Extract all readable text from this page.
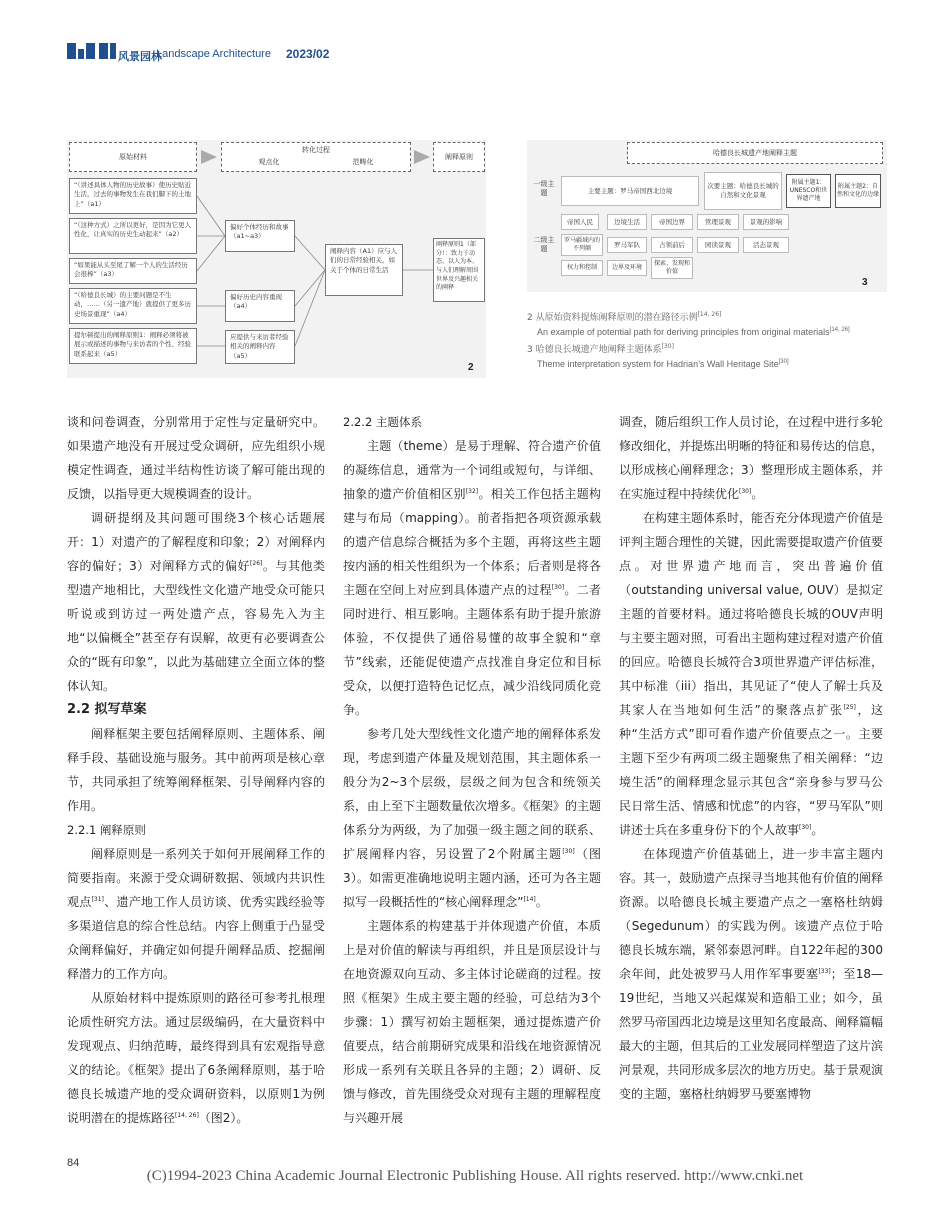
风景园林
Landscape Architecture 2023/02
原始材料
转化过程
观点化	范畴化
阐释原则
“（讲述具体人物的历史故事）使历史贴近生活，过去的事物发生在我们脚下的土地上”（a1）
“（这种方式）之所以更好，是因为它更人性化，让真实的历史生动起来”（a2）
“如果能从头至尾了解一个人的生活经历会很棒”（a3）
“（哈德良长城）的主要问题是不生动，……（另一遗产地）就提供了更多历史场景重现”（a4）
提尔顿提出的阐释原则1：阐释必须将被展示或描述的事物与来访者的个性、经验联系起来（a5）
偏好个体经历和故事（a1~a3）
偏好历史内容重现（a4）
应提供与来访者经验相关的阐释内容（a5）
阐释内容（A1）应与人们的日常经验相关，如关于个体的日常生活
阐释原则1（部分）：致力于动态、以人为本、与人们理解周围世界及兴趣相关的阐释
2
哈德良长城遗产地阐释主题
一级主题
二级主题
主要主题：罗马帝国西北边境
次要主题：哈德良长城的自然和文化景观
附属主题1：UNESCO和世界遗产地
附属主题2：自然和文化的边缘
帝国人民	边境生活	帝国边界	管理景观	景观的影响
罗马疆域内的不列颠	罗马军队	占领前后	园读景观	活态景观
权力和控制	边界及环境
探索、发现和价值
3
2 从原始资料提炼阐释原则的潜在路径示例[14, 26]
An example of potential path for deriving principles from original materials[14, 26]
3 哈德良长城遗产地阐释主题体系[30]
Theme interpretation system for Hadrian’s Wall Heritage Site[30]

谈和问卷调查，分别常用于定性与定量研究中。如果遗产地没有开展过受众调研，应先组织小规模定性调查，通过半结构性访谈了解可能出现的反馈，以指导更大规模调查的设计。

调研提纲及其问题可围绕3个核心话题展开：1）对遗产的了解程度和印象；2）对阐释内容的偏好；3）对阐释方式的偏好[26]。与其他类型遗产地相比，大型线性文化遗产地受众可能只听说或到访过一两处遗产点，容易先入为主地“以偏概全”甚至存有误解，故更有必要调查公众的“既有印象”，以此为基础建立全面立体的整体认知。

2.2 拟写草案

阐释框架主要包括阐释原则、主题体系、阐释手段、基础设施与服务。其中前两项是核心章节，共同承担了统筹阐释框架、引导阐释内容的作用。

2.2.1 阐释原则

阐释原则是一系列关于如何开展阐释工作的简要指南。来源于受众调研数据、领域内共识性观点[31]、遗产地工作人员访谈、优秀实践经验等多渠道信息的综合性总结。内容上侧重于凸显受众阐释偏好，并确定如何提升阐释品质、挖掘阐释潜力的工作方向。

从原始材料中提炼原则的路径可参考扎根理论质性研究方法。通过层级编码，在大量资料中发现观点、归纳范畴，最终得到具有宏观指导意义的结论。《框架》提出了6条阐释原则，基于哈德良长城遗产地的受众调研资料，以原则1为例说明潜在的提炼路径[14, 26]（图2）。

2.2.2 主题体系

主题（theme）是易于理解、符合遗产价值的凝练信息，通常为一个词组或短句，与详细、抽象的遗产价值相区别[32]。相关工作包括主题构建与布局（mapping）。前者指把各项资源承载的遗产信息综合概括为多个主题，再将这些主题按内涵的相关性组织为一个体系；后者则是将各主题在空间上对应到具体遗产点的过程[30]。二者同时进行、相互影响。主题体系有助于提升旅游体验，不仅提供了通俗易懂的故事全貌和“章节”线索，还能促使遗产点找准自身定位和目标受众，以便打造特色记忆点，减少沿线同质化竞争。

参考几处大型线性文化遗产地的阐释体系发现，考虑到遗产体量及规划范围，其主题体系一般分为2~3个层级，层级之间为包含和统领关系，由上至下主题数量依次增多。《框架》的主题体系分为两级，为了加强一级主题之间的联系、扩展阐释内容，另设置了2个附属主题[30]（图3）。如需更准确地说明主题内涵，还可为各主题拟写一段概括性的“核心阐释理念”[14]。

主题体系的构建基于并体现遗产价值，本质上是对价值的解读与再组织，并且是顶层设计与在地资源双向互动、多主体讨论磋商的过程。按照《框架》生成主要主题的经验，可总结为3个步骤：1）撰写初始主题框架，通过提炼遗产价值要点，结合前期研究成果和沿线在地资源情况形成一系列有关联且各异的主题；2）调研、反馈与修改，首先围绕受众对现有主题的理解程度与兴趣开展

调查，随后组织工作人员讨论，在过程中进行多轮修改细化，并提炼出明晰的特征和易传达的信息，以形成核心阐释理念；3）整理形成主题体系，并在实施过程中持续优化[30]。

在构建主题体系时，能否充分体现遗产价值是评判主题合理性的关键，因此需要提取遗产价值要点。对世界遗产地而言，突出普遍价值（outstanding universal value, OUV）是拟定主题的首要材料。通过将哈德良长城的OUV声明与主要主题对照，可看出主题构建过程对遗产价值的回应。哈德良长城符合3项世界遗产评估标准，其中标准（iii）指出，其见证了“使人了解士兵及其家人在当地如何生活”的聚落点扩张[25]，这种“生活方式”即可看作遗产价值要点之一。主要主题下至少有两项二级主题聚焦了相关阐释：“边境生活”的阐释理念显示其包含“亲身参与罗马公民日常生活、情感和忧虑”的内容，“罗马军队”则讲述士兵在多重身份下的个人故事[30]。

在体现遗产价值基础上，进一步丰富主题内容。其一，鼓励遗产点探寻当地其他有价值的阐释资源。以哈德良长城主要遗产点之一塞格杜纳姆（Segedunum）的实践为例。该遗产点位于哈德良长城东端，紧邻泰恩河畔。自122年起的300余年间，此处被罗马人用作军事要塞[33]；至18—19世纪，当地又兴起煤炭和造船工业；如今，虽然罗马帝国西北边境是这里知名度最高、阐释篇幅最大的主题，但其后的工业发展同样塑造了这片滨河景观，共同形成多层次的地方历史。基于景观演变的主题，塞格杜纳姆罗马要塞博物

84
(C)1994-2023 China Academic Journal Electronic Publishing House. All rights reserved. http://www.cnki.net
